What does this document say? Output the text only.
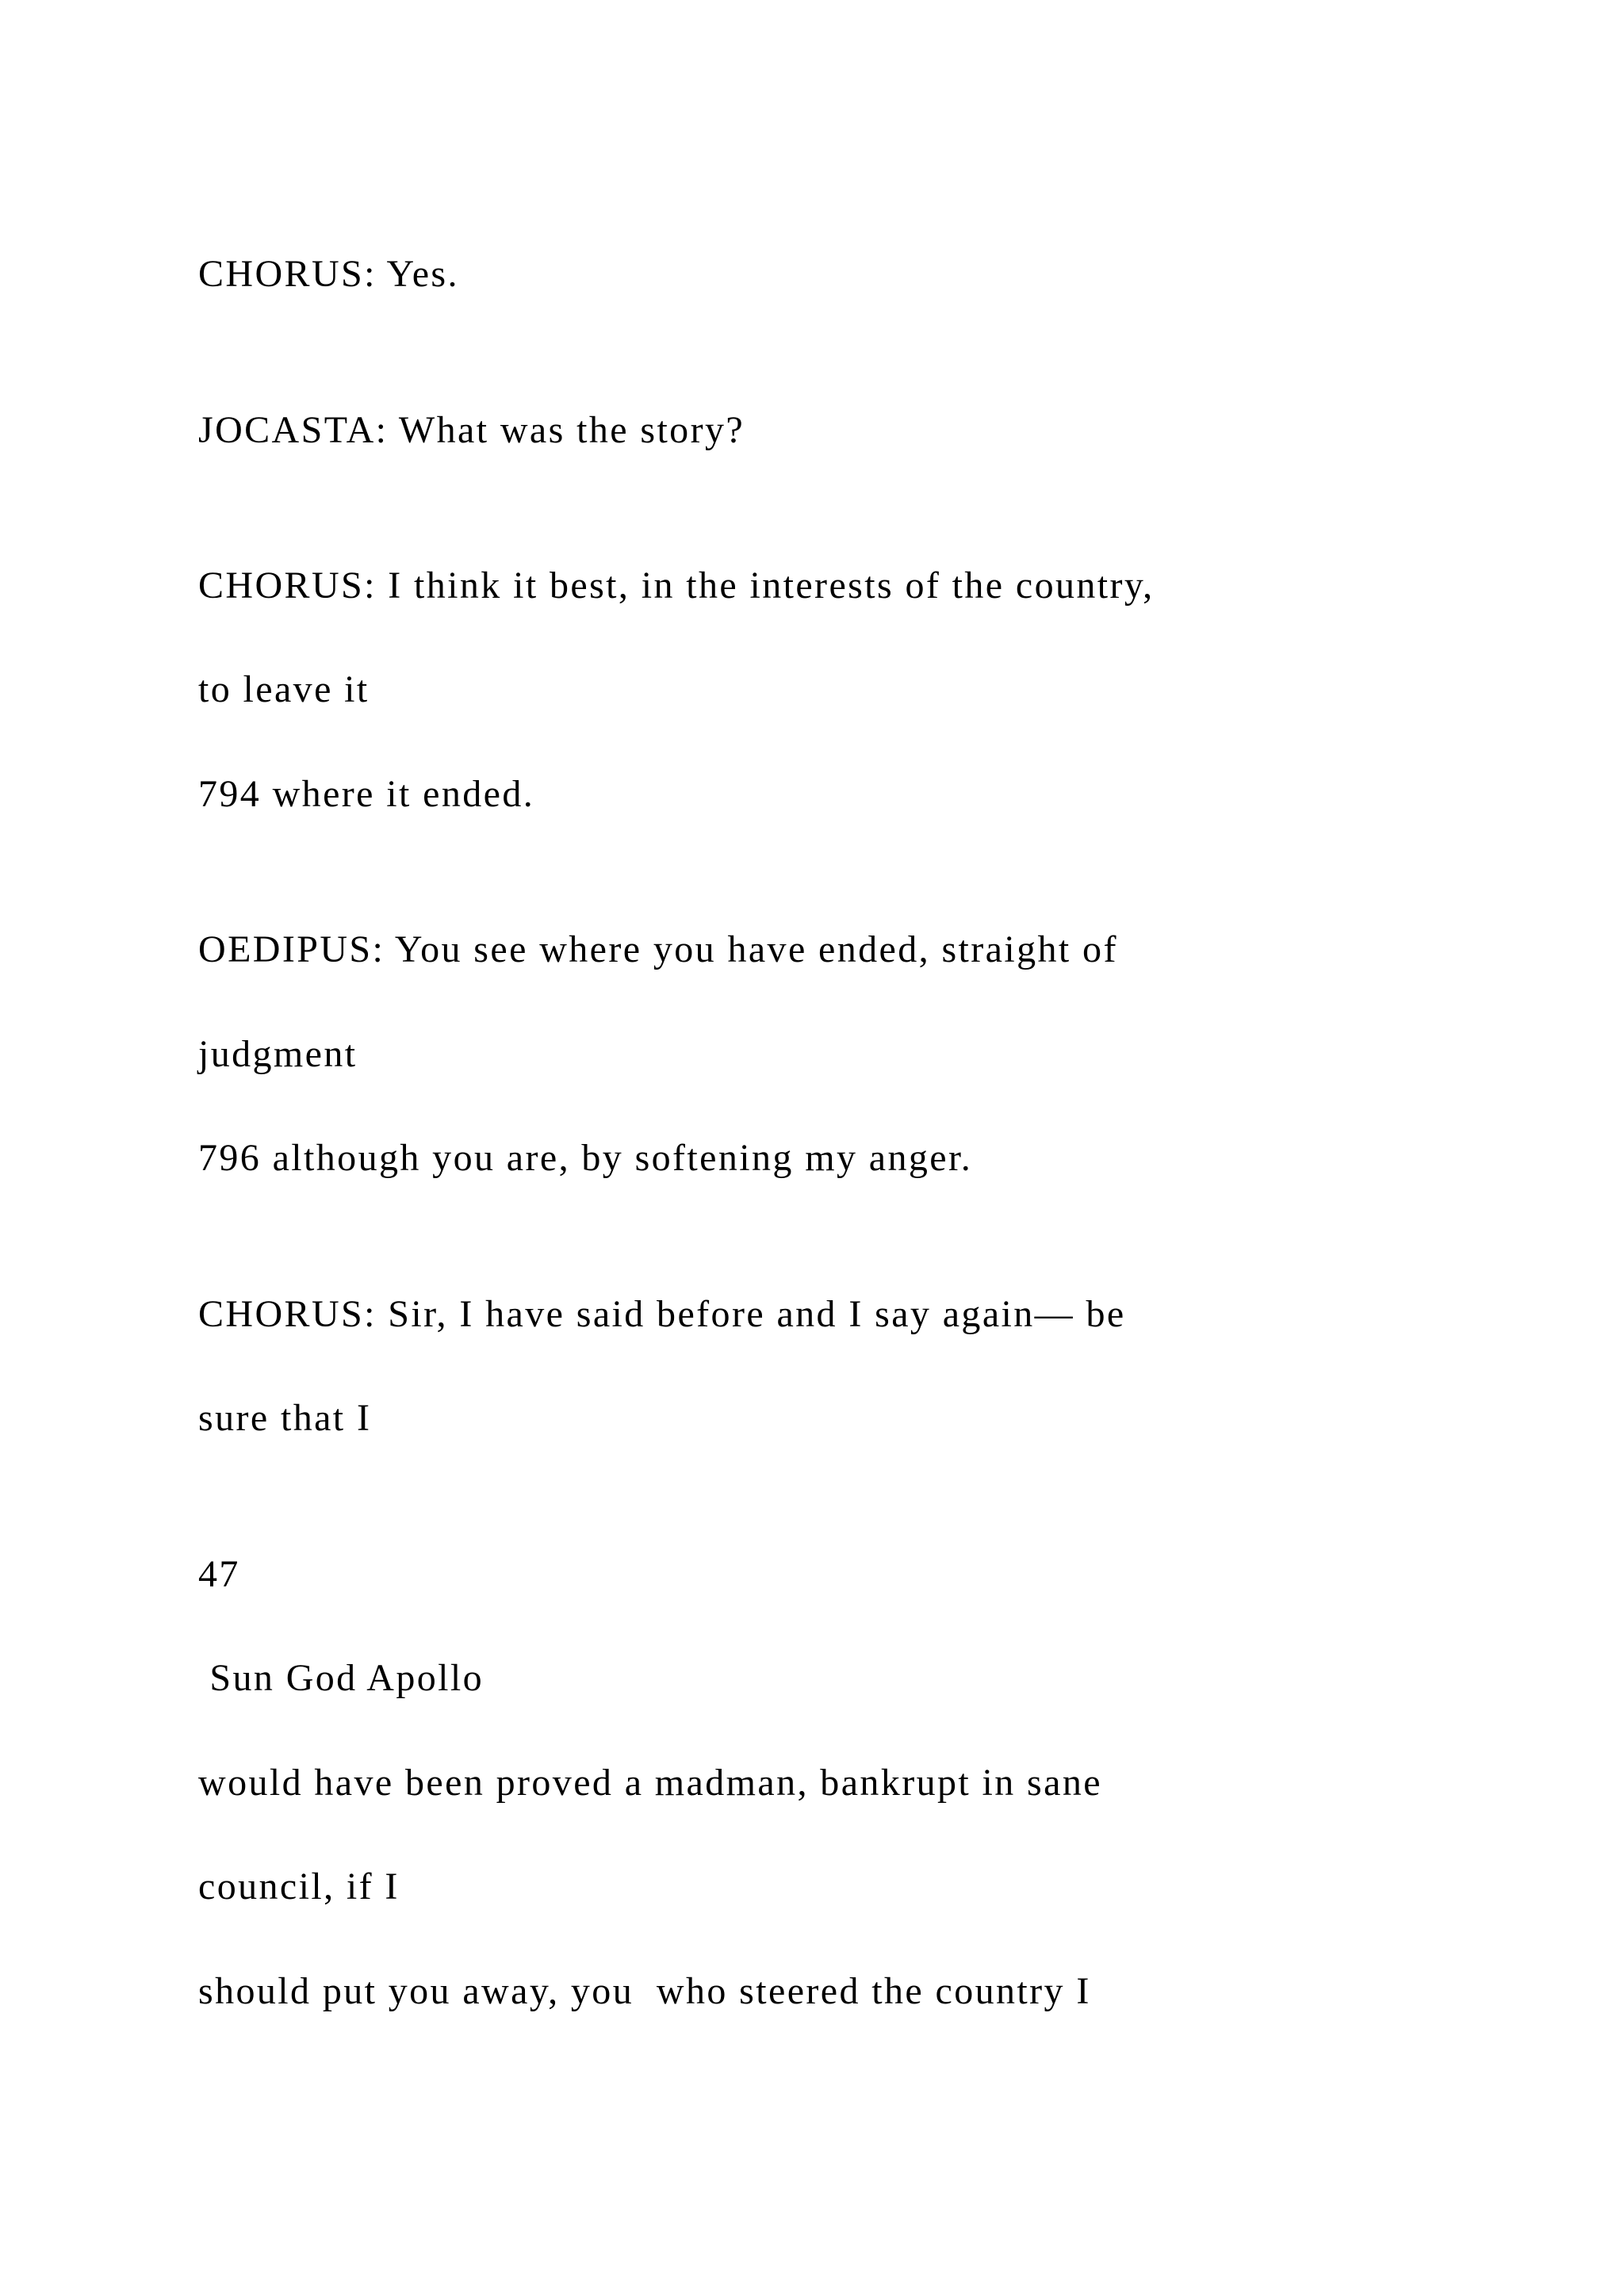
CHORUS: Yes.
JOCASTA: What was the story?
CHORUS: I think it best, in the interests of the country,
to leave it
794 where it ended.
OEDIPUS: You see where you have ended, straight of
judgment
796 although you are, by softening my anger.
CHORUS: Sir, I have said before and I say again— be
sure that I
47
Sun God Apollo
would have been proved a madman, bankrupt in sane
council, if I
should put you away, you  who steered the country I
